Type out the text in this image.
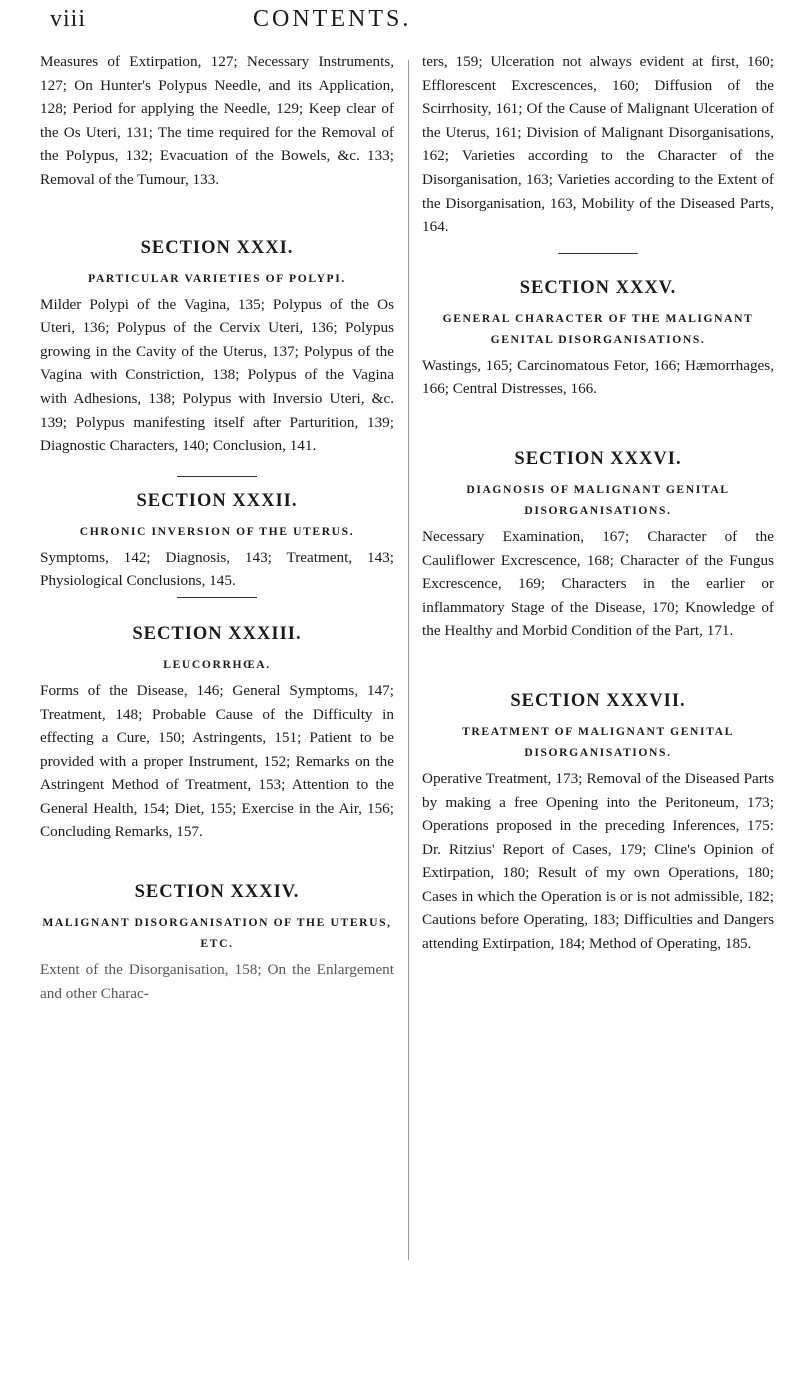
viii	CONTENTS.

Measures of Extirpation, 127; Necessary Instruments, 127; On Hunter's Polypus Needle, and its Application, 128; Period for applying the Needle, 129; Keep clear of the Os Uteri, 131; The time required for the Removal of the Polypus, 132; Evacuation of the Bowels, &c. 133; Removal of the Tumour, 133.

SECTION XXXI.
PARTICULAR VARIETIES OF POLYPI.

Milder Polypi of the Vagina, 135; Polypus of the Os Uteri, 136; Polypus of the Cervix Uteri, 136; Polypus growing in the Cavity of the Uterus, 137; Polypus of the Vagina with Constriction, 138; Polypus of the Vagina with Adhesions, 138; Polypus with Inversio Uteri, &c. 139; Polypus manifesting itself after Parturition, 139; Diagnostic Characters, 140; Conclusion, 141.

SECTION XXXII.
CHRONIC INVERSION OF THE UTERUS.

Symptoms, 142; Diagnosis, 143; Treatment, 143; Physiological Conclusions, 145.

SECTION XXXIII.
LEUCORRHŒA.

Forms of the Disease, 146; General Symptoms, 147; Treatment, 148; Probable Cause of the Difficulty in effecting a Cure, 150; Astringents, 151; Patient to be provided with a proper Instrument, 152; Remarks on the Astringent Method of Treatment, 153; Attention to the General Health, 154; Diet, 155; Exercise in the Air, 156; Concluding Remarks, 157.

SECTION XXXIV.
MALIGNANT DISORGANISATION OF THE UTERUS, ETC.

Extent of the Disorganisation, 158; On the Enlargement and other Charac-

ters, 159; Ulceration not always evident at first, 160; Efflorescent Excrescences, 160; Diffusion of the Scirrhosity, 161; Of the Cause of Malignant Ulceration of the Uterus, 161; Division of Malignant Disorganisations, 162; Varieties according to the Character of the Disorganisation, 163; Varieties according to the Extent of the Disorganisation, 163, Mobility of the Diseased Parts, 164.

SECTION XXXV.
GENERAL CHARACTER OF THE MALIGNANT GENITAL DISORGANISATIONS.

Wastings, 165; Carcinomatous Fetor, 166; Hæmorrhages, 166; Central Distresses, 166.

SECTION XXXVI.
DIAGNOSIS OF MALIGNANT GENITAL DISORGANISATIONS.

Necessary Examination, 167; Character of the Cauliflower Excrescence, 168; Character of the Fungus Excrescence, 169; Characters in the earlier or inflammatory Stage of the Disease, 170; Knowledge of the Healthy and Morbid Condition of the Part, 171.

SECTION XXXVII.
TREATMENT OF MALIGNANT GENITAL DISORGANISATIONS.

Operative Treatment, 173; Removal of the Diseased Parts by making a free Opening into the Peritoneum, 173; Operations proposed in the preceding Inferences, 175: Dr. Ritzius' Report of Cases, 179; Cline's Opinion of Extirpation, 180; Result of my own Operations, 180; Cases in which the Operation is or is not admissible, 182; Cautions before Operating, 183; Difficulties and Dangers attending Extirpation, 184; Method of Operating, 185.
